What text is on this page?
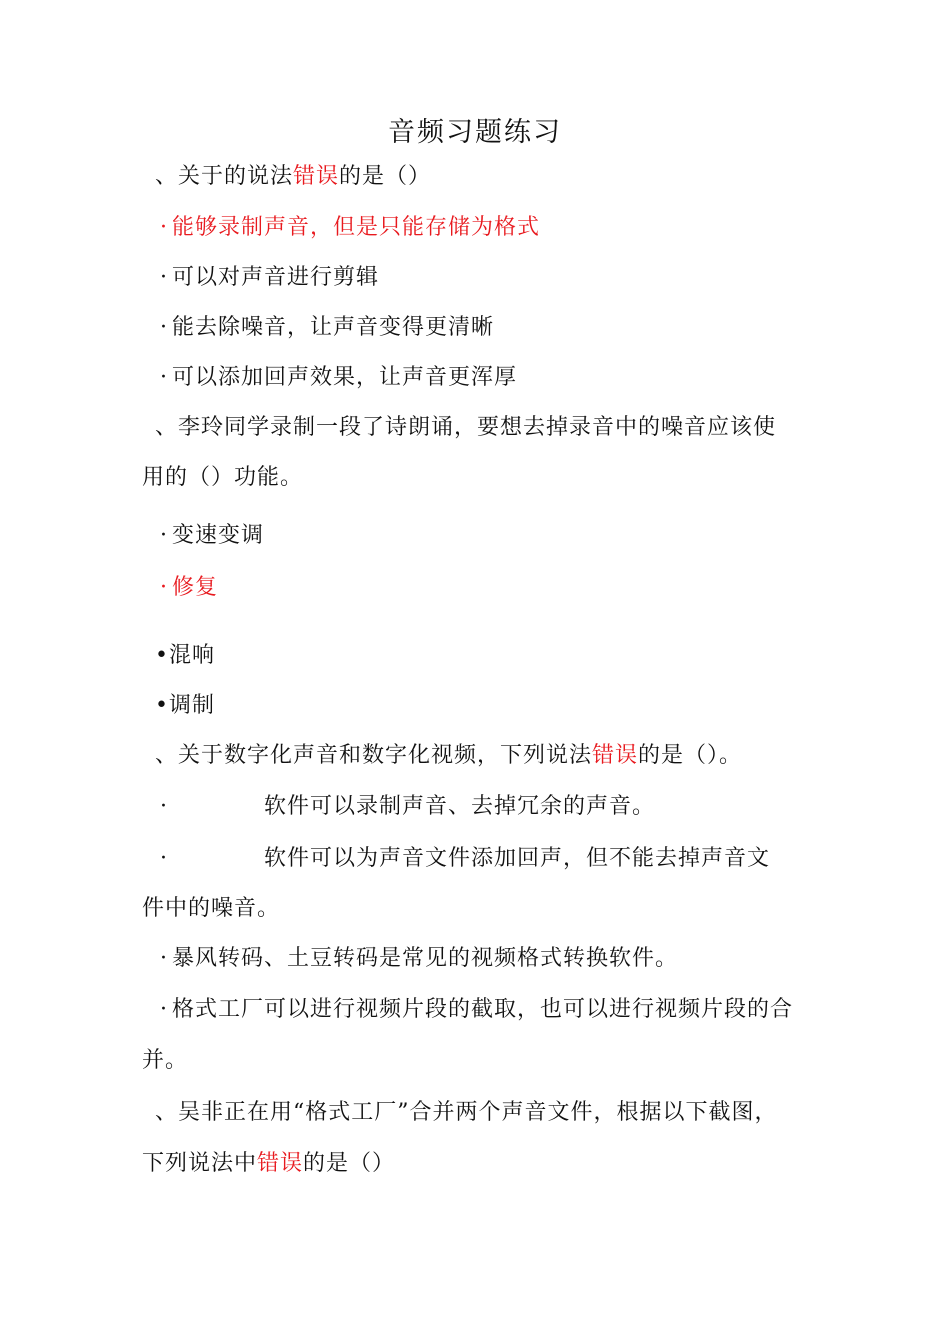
音频习题练习
、关于的说法错误的是（）
· 能够录制声音，但是只能存储为格式
· 可以对声音进行剪辑
· 能去除噪音，让声音变得更清晰
· 可以添加回声效果，让声音更浑厚
、李玲同学录制一段了诗朗诵，要想去掉录音中的噪音应该使
用的（）功能。
· 变速变调
· 修复
•混响
•调制
、关于数字化声音和数字化视频，下列说法错误的是（）。
·	软件可以录制声音、去掉冗余的声音。
·	软件可以为声音文件添加回声，但不能去掉声音文
件中的噪音。
· 暴风转码、土豆转码是常见的视频格式转换软件。
· 格式工厂可以进行视频片段的截取，也可以进行视频片段的合
并。
、吴非正在用“格式工厂”合并两个声音文件，根据以下截图，
下列说法中错误的是（）
